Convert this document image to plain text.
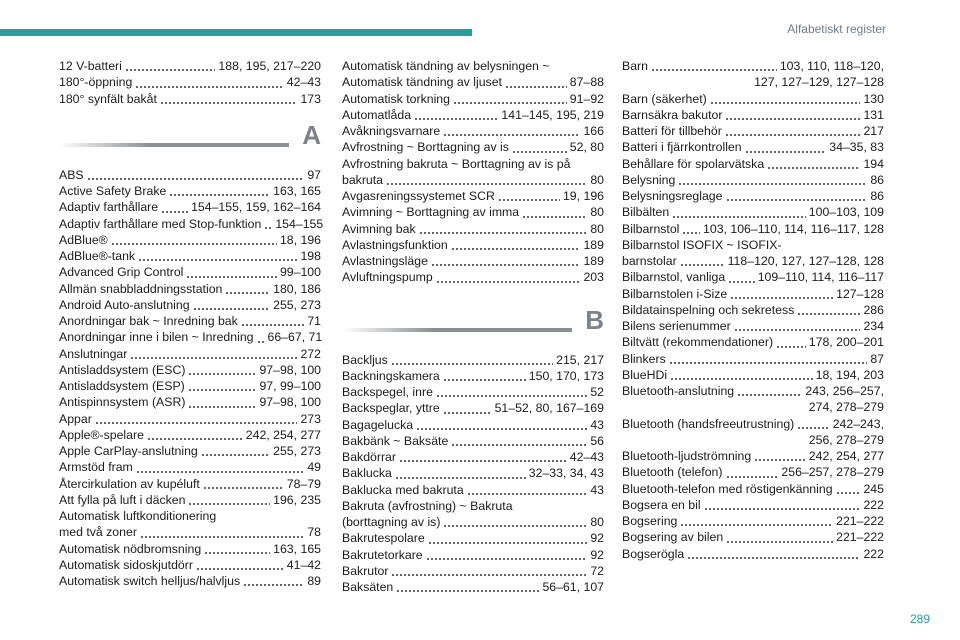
Alfabetiskt register
12 V-batteri	188, 195, 217–220
180°-öppning	42–43
180° synfält bakåt	173
A
ABS	97
Active Safety Brake	163, 165
Adaptiv farthållare	154–155, 159, 162–164
Adaptiv farthållare med Stop-funktion 154–155
AdBlue®	18, 196
AdBlue®-tank	198
Advanced Grip Control	99–100
Allmän snabbladdningsstation	180, 186
Android Auto-anslutning	255, 273
Anordningar bak ~ Inredning bak	71
Anordningar inne i bilen ~ Inredning 66–67, 71
Anslutningar	272
Antisladdsystem (ESC)	97–98, 100
Antisladdsystem (ESP)	97, 99–100
Antispinnsystem (ASR)	97–98, 100
Appar	273
Apple®-spelare	242, 254, 277
Apple CarPlay-anslutning	255, 273
Armstöd fram	49
Återcirkulation av kupéluft	78–79
Att fylla på luft i däcken	196, 235
Automatisk luftkonditionering
med två zoner	78
Automatisk nödbromsning	163, 165
Automatisk sidoskjutdörr	41–42
Automatisk switch helljus/halvljus	89
Automatisk tändning av belysningen ~
Automatisk tändning av ljuset	87–88
Automatisk torkning	91–92
Automatlåda	141–145, 195, 219
Avåkningsvarnare	166
Avfrostning ~ Borttagning av is	52, 80
Avfrostning bakruta ~ Borttagning av is på
bakruta	80
Avgasreningssystemet SCR	19, 196
Avimning ~ Borttagning av imma	80
Avimning bak	80
Avlastningsfunktion	189
Avlastningsläge	189
Avluftningspump	203
B
Backljus	215, 217
Backningskamera	150, 170, 173
Backspegel, inre	52
Backspeglar, yttre	51–52, 80, 167–169
Bagagelucka	43
Bakbänk ~ Baksäte	56
Bakdörrar	42–43
Baklucka	32–33, 34, 43
Baklucka med bakruta	43
Bakruta (avfrostning) ~ Bakruta
(borttagning av is)	80
Bakrutespolare	92
Bakrutetorkare	92
Bakrutor	72
Baksäten	56–61, 107
Barn	103, 110, 118–120,
127, 127–129, 127–128
Barn (säkerhet)	130
Barnsäkra bakutor	131
Batteri för tillbehör	217
Batteri i fjärrkontrollen	34–35, 83
Behållare för spolarvätska	194
Belysning	86
Belysningsreglage	86
Bilbälten	100–103, 109
Bilbarnstol 103, 106–110, 114, 116–117, 128
Bilbarnstol ISOFIX ~ ISOFIX-
barnstolar	118–120, 127, 127–128, 128
Bilbarnstol, vanliga	109–110, 114, 116–117
Bilbarnstolen i-Size	127–128
Bildatainspelning och sekretess	286
Bilens serienummer	234
Biltvätt (rekommendationer)	178, 200–201
Blinkers	87
BlueHDi	18, 194, 203
Bluetooth-anslutning	243, 256–257,
274, 278–279
Bluetooth (handsfreeutrustning)	242–243,
256, 278–279
Bluetooth-ljudströmning	242, 254, 277
Bluetooth (telefon)	256–257, 278–279
Bluetooth-telefon med röstigenkänning	245
Bogsera en bil	222
Bogsering	221–222
Bogsering av bilen	221–222
Bogserögla	222
289
